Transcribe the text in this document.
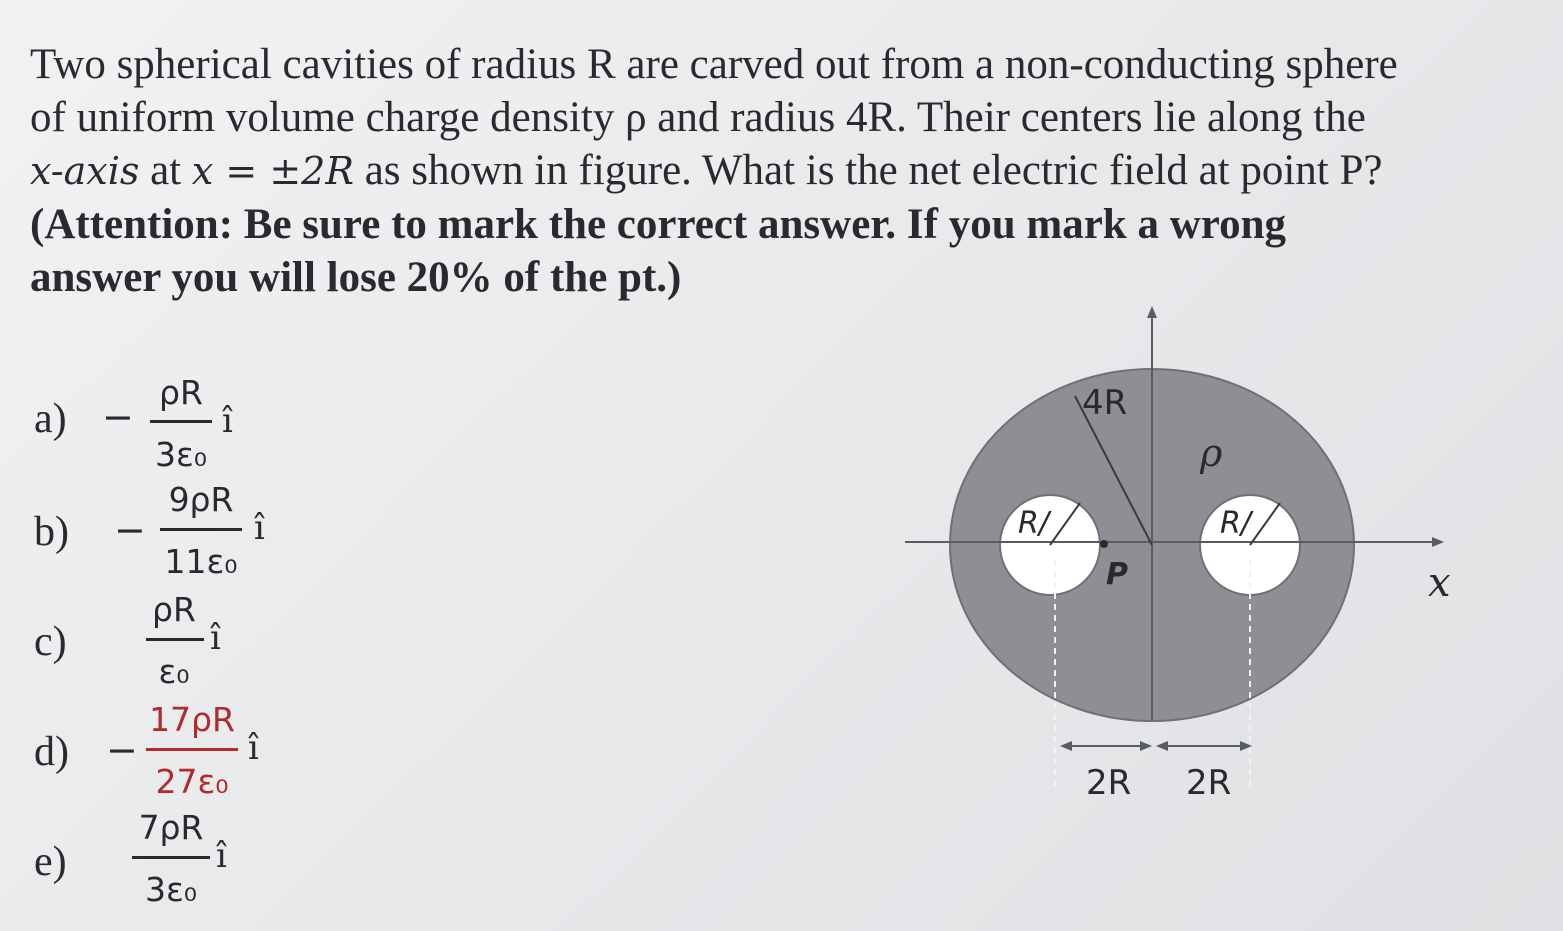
Two spherical cavities of radius R are carved out from a non-conducting sphere

of uniform volume charge density ρ and radius 4R. Their centers lie along the

x-axis at x = ±2R as shown in figure. What is the net electric field at point P?

(Attention: Be sure to mark the correct answer. If you mark a wrong

answer you will lose 20% of the pt.)

a) −
ρR
3ε₀
î
b) −
9ρR
11ε₀
î
c)
ρR
ε₀
î
d) −
17ρR
27ε₀
î
e)
7ρR
3ε₀
î
4R
ρ
R/	R/
P	x
2R 2R
